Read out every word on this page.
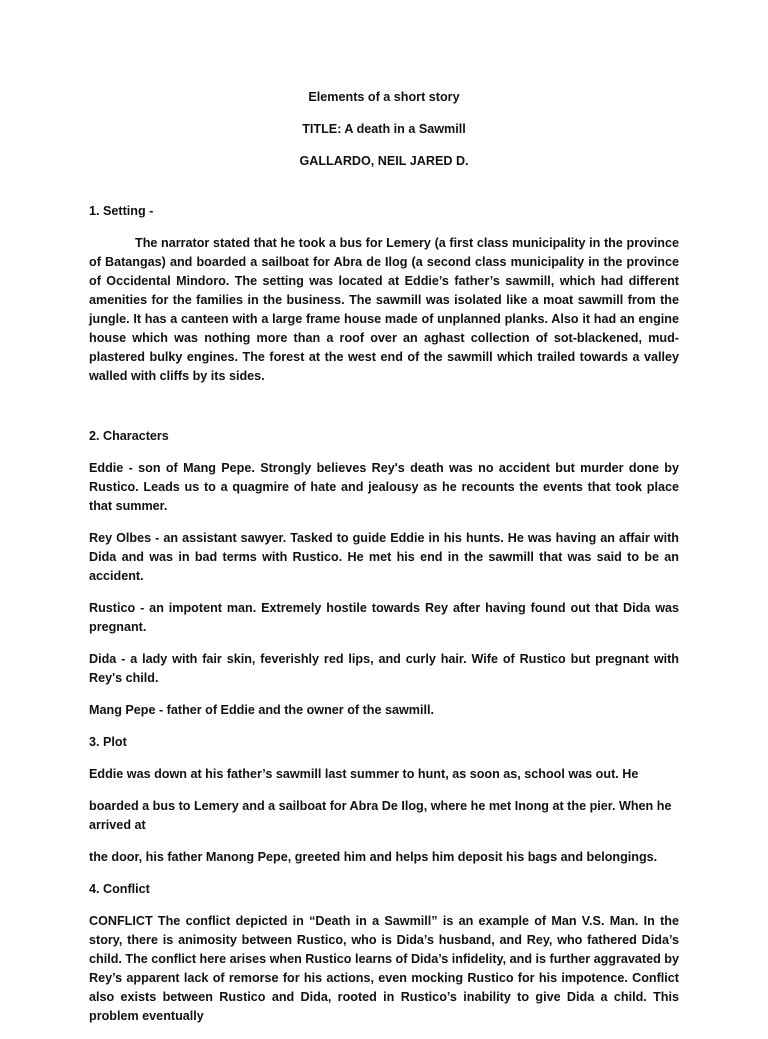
Elements of a short story

TITLE: A death in a Sawmill

GALLARDO, NEIL JARED D.

1. Setting -

The narrator stated that he took a bus for Lemery (a first class municipality in the province of Batangas) and boarded a sailboat for Abra de Ilog (a second class municipality in the province of Occidental Mindoro. The setting was located at Eddie’s father’s sawmill, which had different amenities for the families in the business. The sawmill was isolated like a moat sawmill from the jungle. It has a canteen with a large frame house made of unplanned planks. Also it had an engine house which was nothing more than a roof over an aghast collection of sot-blackened, mud-plastered bulky engines. The forest at the west end of the sawmill which trailed towards a valley walled with cliffs by its sides.

2. Characters

Eddie - son of Mang Pepe. Strongly believes Rey's death was no accident but murder done by Rustico. Leads us to a quagmire of hate and jealousy as he recounts the events that took place that summer.

Rey Olbes - an assistant sawyer. Tasked to guide Eddie in his hunts. He was having an affair with Dida and was in bad terms with Rustico. He met his end in the sawmill that was said to be an accident.

Rustico - an impotent man. Extremely hostile towards Rey after having found out that Dida was pregnant.

Dida - a lady with fair skin, feverishly red lips, and curly hair. Wife of Rustico but pregnant with Rey's child.

Mang Pepe - father of Eddie and the owner of the sawmill.

3. Plot

Eddie was down at his father’s sawmill last summer to hunt, as soon as, school was out. He

boarded a bus to Lemery and a sailboat for Abra De Ilog, where he met Inong at the pier. When he arrived at

the door, his father Manong Pepe, greeted him and helps him deposit his bags and belongings.

4. Conflict

CONFLICT The conflict depicted in “Death in a Sawmill” is an example of Man V.S. Man. In the story, there is animosity between Rustico, who is Dida’s husband, and Rey, who fathered Dida’s child. The conflict here arises when Rustico learns of Dida’s infidelity, and is further aggravated by Rey’s apparent lack of remorse for his actions, even mocking Rustico for his impotence. Conflict also exists between Rustico and Dida, rooted in Rustico’s inability to give Dida a child. This problem eventually
